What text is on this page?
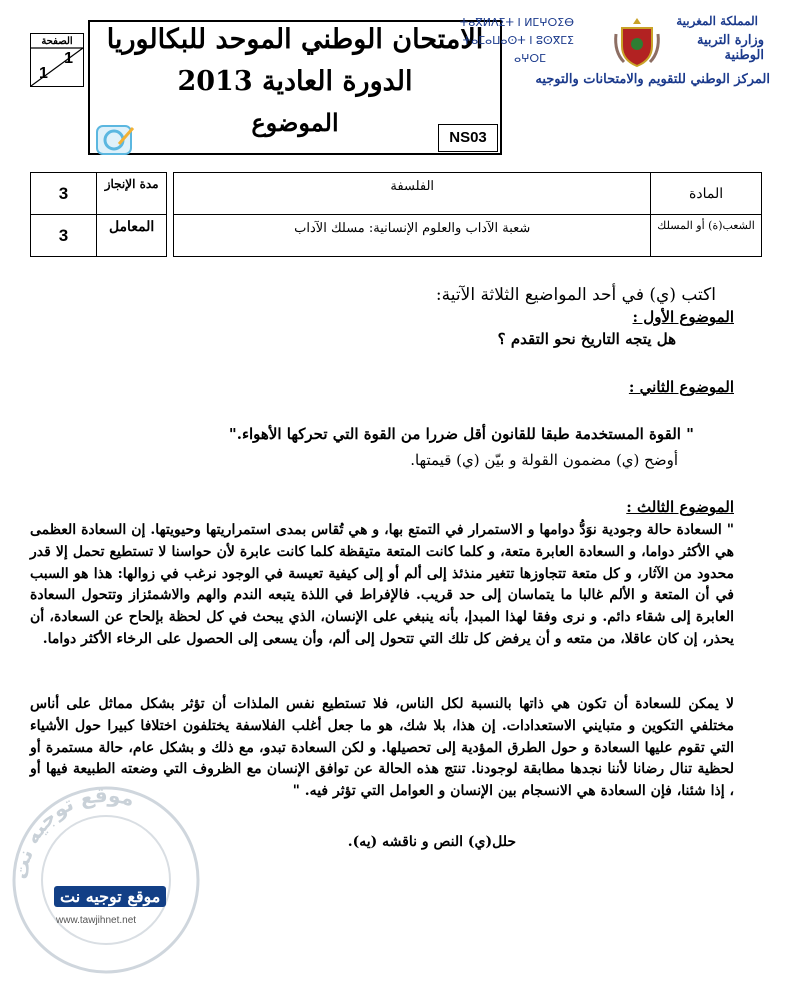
الصفحة
1
1
الامتحان الوطني الموحد للبكالوريا
الدورة العادية 2013
الموضوع
NS03
ⵜⴰⴳⵍⴷⵉⵜ ⵏ ⵍⵎⵖⵔⵉⴱ
ⵜⴰⵎⴰⵡⴰⵙⵜ ⵏ ⵓⵙⴳⵎⵉ
ⴰⵖⵔⵎ
المملكة المغربية
وزارة التربية الوطنية
المركز الوطني للتقويم والامتحانات والتوجيه
3	مدة الإنجاز		الفلسفة	المادة
3	المعامل		شعبة الآداب والعلوم الإنسانية: مسلك الآداب	الشعب(ة) أو المسلك
اكتب (ي) في أحد المواضيع الثلاثة الآتية:
الموضوع الأول :
هل يتجه التاريخ نحو التقدم ؟
الموضوع الثاني :
" القوة المستخدمة طبقا للقانون أقل ضررا من القوة التي تحركها الأهواء."
أوضح (ي) مضمون القولة و بيّن (ي) قيمتها.
الموضوع الثالث :
" السعادة حالة وجودية نوَدُّ دوامها و الاستمرار في التمتع بها، و هي تُقاس بمدى استمراريتها وحيويتها. إن السعادة العظمى هي الأكثر دواما، و السعادة العابرة متعة، و كلما كانت المتعة متيقظة كلما كانت عابرة لأن حواسنا لا تستطيع تحمل إلا قدر محدود من الآثار، و كل متعة تتجاوزها تتغير منذئذ إلى ألم أو إلى كيفية تعيسة في الوجود نرغب في زوالها: هذا هو السبب في أن المتعة و الألم غالبا ما يتماسان إلى حد قريب. فالإفراط في اللذة يتبعه الندم والهم والاشمئزاز وتتحول السعادة العابرة إلى شقاء دائم. و نرى وفقا لهذا المبدإ، بأنه ينبغي على الإنسان، الذي يبحث في كل لحظة بإلحاح عن السعادة، أن يحذر، إن كان عاقلا، من متعه و أن يرفض كل تلك التي تتحول إلى ألم، وأن يسعى إلى الحصول على الرخاء الأكثر دواما.
لا يمكن للسعادة أن تكون هي ذاتها بالنسبة لكل الناس، فلا تستطيع نفس الملذات أن تؤثر بشكل مماثل على أناس مختلفي التكوين و متبايني الاستعدادات. إن هذا، بلا شك، هو ما جعل أغلب الفلاسفة يختلفون اختلافا كبيرا حول الأشياء التي تقوم عليها السعادة و حول الطرق المؤدية إلى تحصيلها. و لكن السعادة تبدو، مع ذلك و بشكل عام، حالة مستمرة أو لحظية تنال رضانا لأننا نجدها مطابقة لوجودنا. تنتج هذه الحالة عن توافق الإنسان مع الظروف التي وضعته الطبيعة فيها أو ، إذا شئنا، فإن السعادة هي الانسجام بين الإنسان و العوامل التي تؤثر فيه. "
حلل(ي) النص و ناقشه (يه).
موقع توجيه نت
موقع توجيه نت
www.tawjihnet.net
